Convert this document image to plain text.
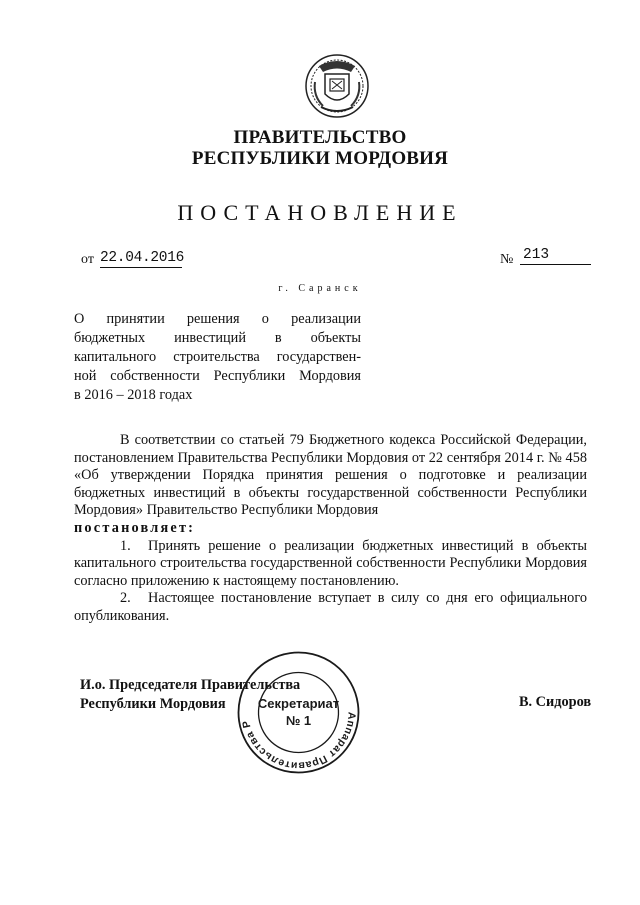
ПРАВИТЕЛЬСТВО
РЕСПУБЛИКИ МОРДОВИЯ
ПОСТАНОВЛЕНИЕ
от 22.04.2016	№ 213
г. Саранск
О принятии решения о реализации
бюджетных инвестиций в объекты
капитального строительства государствен-
ной собственности Республики Мордовия
в 2016 – 2018 годах

В соответствии со статьей 79 Бюджетного кодекса Российской Федерации, постановлением Правительства Республики Мордовия от 22 сентября 2014 г. № 458 «Об утверждении Порядка принятия решения о подготовке и реализации бюджетных инвестиций в объекты государственной собственности Республики Мордовия» Правительство Республики Мордовия

постановляет:

1. Принять решение о реализации бюджетных инвестиций в объекты капитального строительства государственной собственности Республики Мордовия согласно приложению к настоящему постановлению.

2. Настоящее постановление вступает в силу со дня его официального опубликования.

И.о. Председателя Правительства
Республики Мордовия	В. Сидоров
Аппарат Правительства Республики
Секретариат
№ 1
